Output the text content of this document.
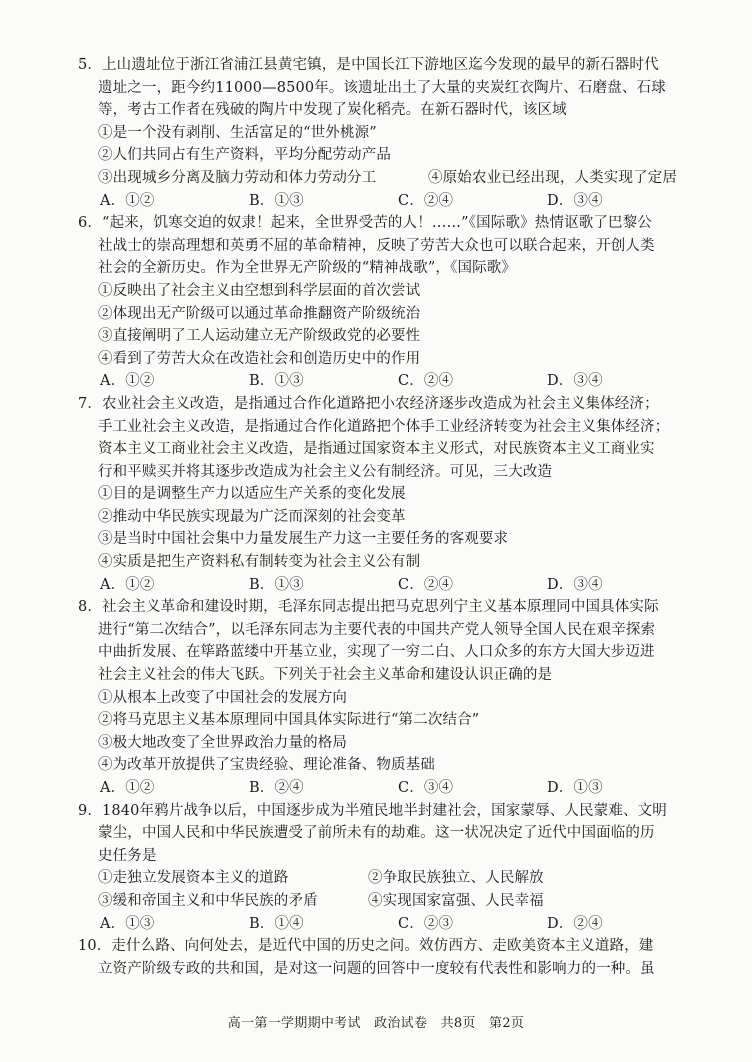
5．上山遗址位于浙江省浦江县黄宅镇，是中国长江下游地区迄今发现的最早的新石器时代
遗址之一，距今约11000—8500年。该遗址出土了大量的夹炭红衣陶片、石磨盘、石球
等，考古工作者在残破的陶片中发现了炭化稻壳。在新石器时代，该区域
①是一个没有剥削、生活富足的“世外桃源”
②人们共同占有生产资料，平均分配劳动产品
③出现城乡分离及脑力劳动和体力劳动分工	④原始农业已经出现，人类实现了定居
A．①②	B．①③	C．②④	D．③④
6．“起来，饥寒交迫的奴隶！起来，全世界受苦的人！……”《国际歌》热情讴歌了巴黎公
社战士的崇高理想和英勇不屈的革命精神，反映了劳苦大众也可以联合起来，开创人类
社会的全新历史。作为全世界无产阶级的“精神战歌”，《国际歌》
①反映出了社会主义由空想到科学层面的首次尝试
②体现出无产阶级可以通过革命推翻资产阶级统治
③直接阐明了工人运动建立无产阶级政党的必要性
④看到了劳苦大众在改造社会和创造历史中的作用
A．①②	B．①③	C．②④	D．③④
7．农业社会主义改造，是指通过合作化道路把小农经济逐步改造成为社会主义集体经济；
手工业社会主义改造，是指通过合作化道路把个体手工业经济转变为社会主义集体经济；
资本主义工商业社会主义改造，是指通过国家资本主义形式，对民族资本主义工商业实
行和平赎买并将其逐步改造成为社会主义公有制经济。可见，三大改造
①目的是调整生产力以适应生产关系的变化发展
②推动中华民族实现最为广泛而深刻的社会变革
③是当时中国社会集中力量发展生产力这一主要任务的客观要求
④实质是把生产资料私有制转变为社会主义公有制
A．①②	B．①③	C．②④	D．③④
8．社会主义革命和建设时期，毛泽东同志提出把马克思列宁主义基本原理同中国具体实际
进行“第二次结合”，以毛泽东同志为主要代表的中国共产党人领导全国人民在艰辛探索
中曲折发展、在筚路蓝缕中开基立业，实现了一穷二白、人口众多的东方大国大步迈进
社会主义社会的伟大飞跃。下列关于社会主义革命和建设认识正确的是
①从根本上改变了中国社会的发展方向
②将马克思主义基本原理同中国具体实际进行“第二次结合”
③极大地改变了全世界政治力量的格局
④为改革开放提供了宝贵经验、理论准备、物质基础
A．①②	B．②④	C．③④	D．①③
9．1840年鸦片战争以后，中国逐步成为半殖民地半封建社会，国家蒙辱、人民蒙难、文明
蒙尘，中国人民和中华民族遭受了前所未有的劫难。这一状况决定了近代中国面临的历
史任务是
①走独立发展资本主义的道路	②争取民族独立、人民解放
③缓和帝国主义和中华民族的矛盾	④实现国家富强、人民幸福
A．①③	B．①④	C．②③	D．②④
10．走什么路、向何处去，是近代中国的历史之问。效仿西方、走欧美资本主义道路，建
立资产阶级专政的共和国，是对这一问题的回答中一度较有代表性和影响力的一种。虽
高一第一学期期中考试　政治试卷　共8页　第2页
